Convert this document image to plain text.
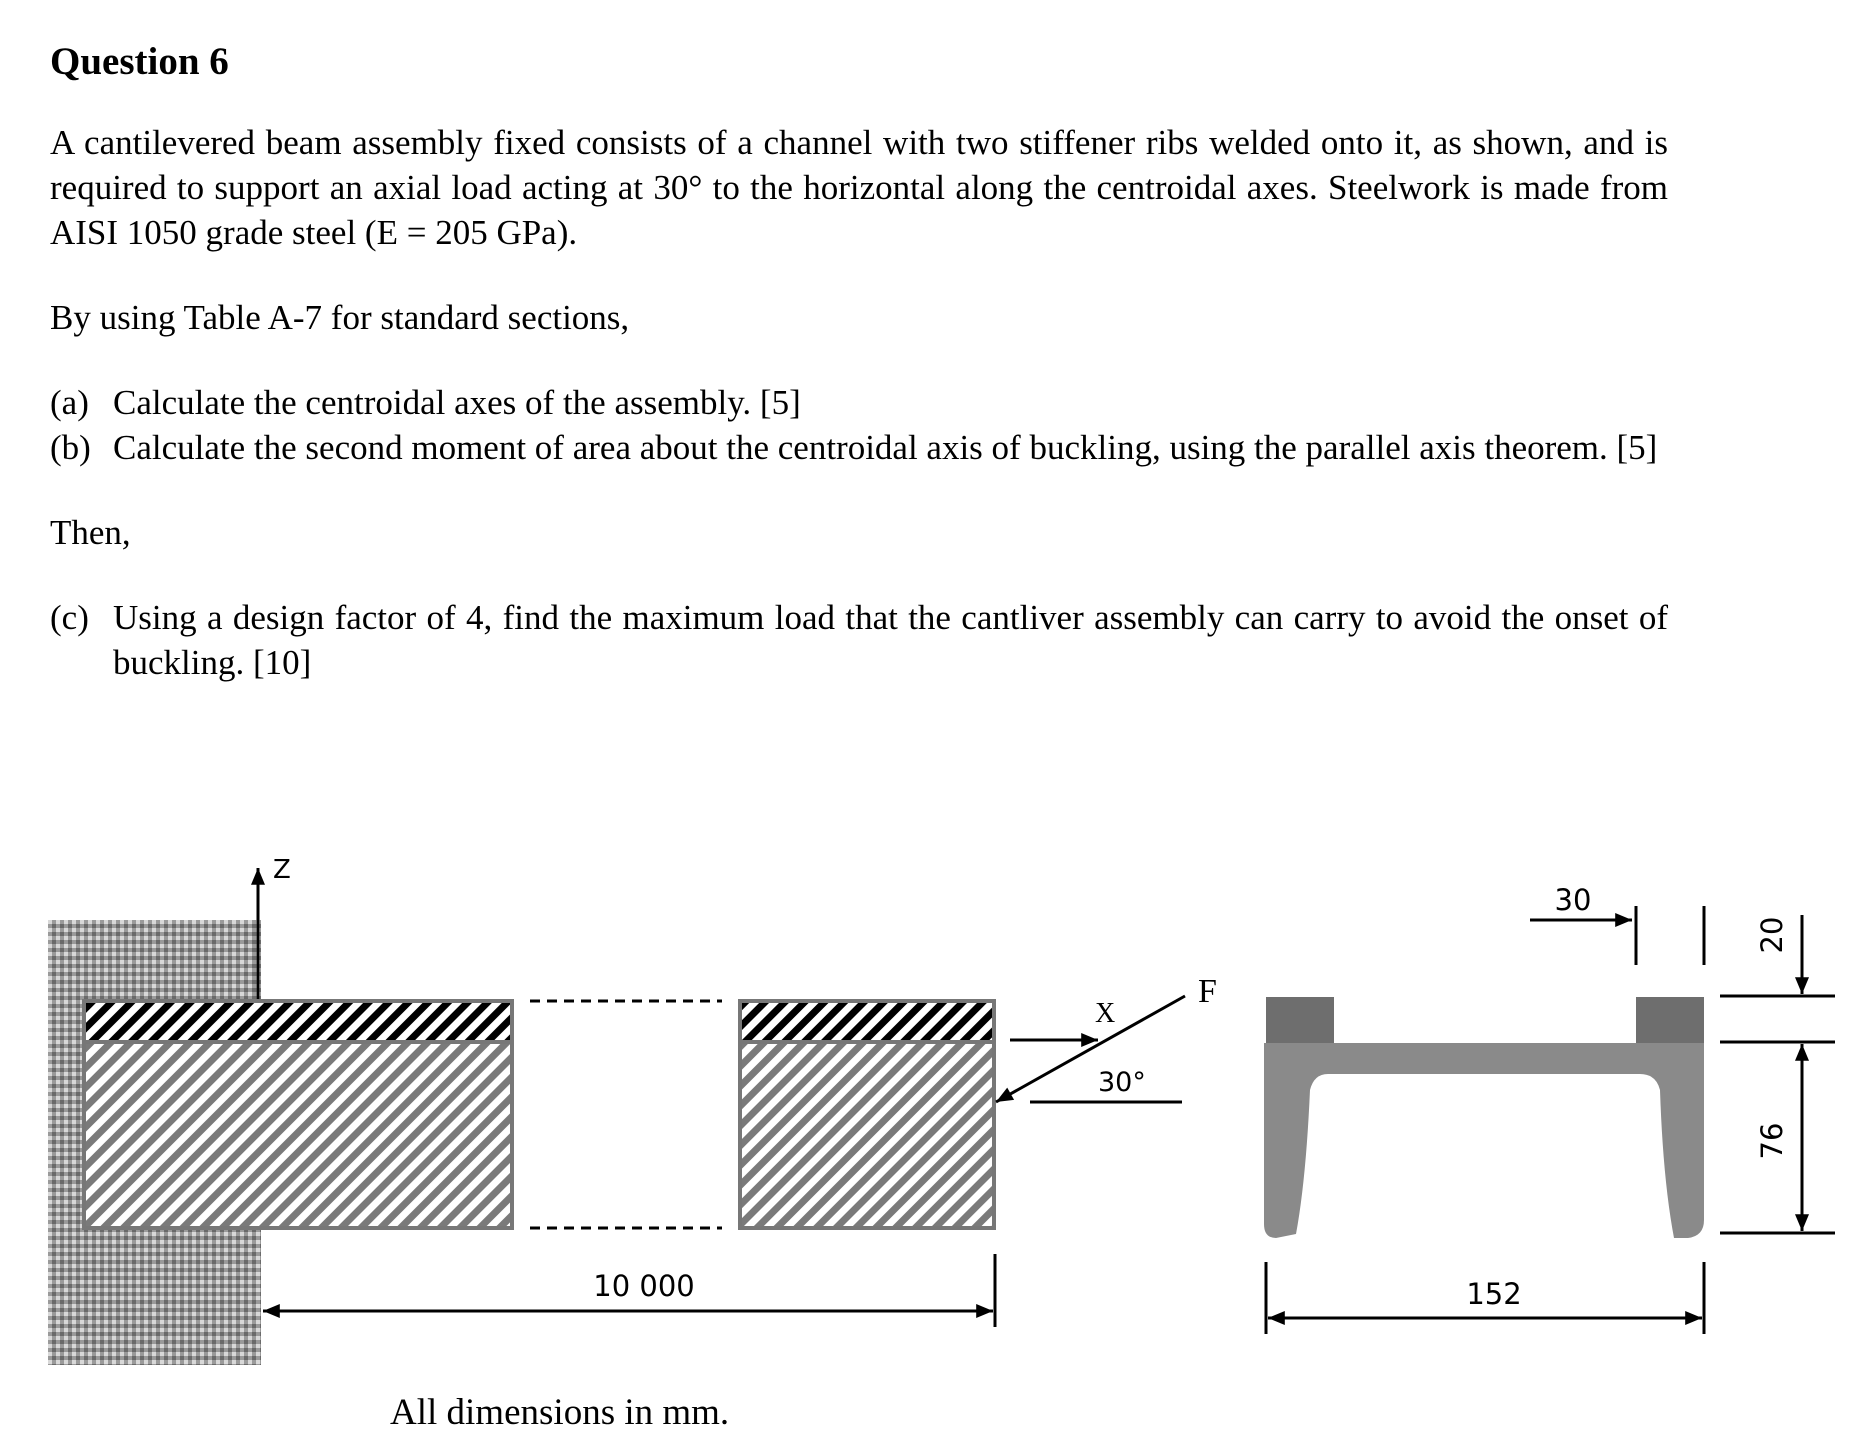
Question 6

A cantilevered beam assembly fixed consists of a channel with two stiffener ribs welded onto it, as shown, and is required to support an axial load acting at 30° to the horizontal along the centroidal axes. Steelwork is made from AISI 1050 grade steel (E = 205 GPa).

By using Table A-7 for standard sections,

(a) Calculate the centroidal axes of the assembly. [5]
(b) Calculate the second moment of area about the centroidal axis of buckling, using the parallel axis theorem. [5]

Then,

(c) Using a design factor of 4, find the maximum load that the cantliver assembly can carry to avoid the onset of buckling. [10]
Z
X
F
30°
10 000
30
20
76
152
All dimensions in mm.
